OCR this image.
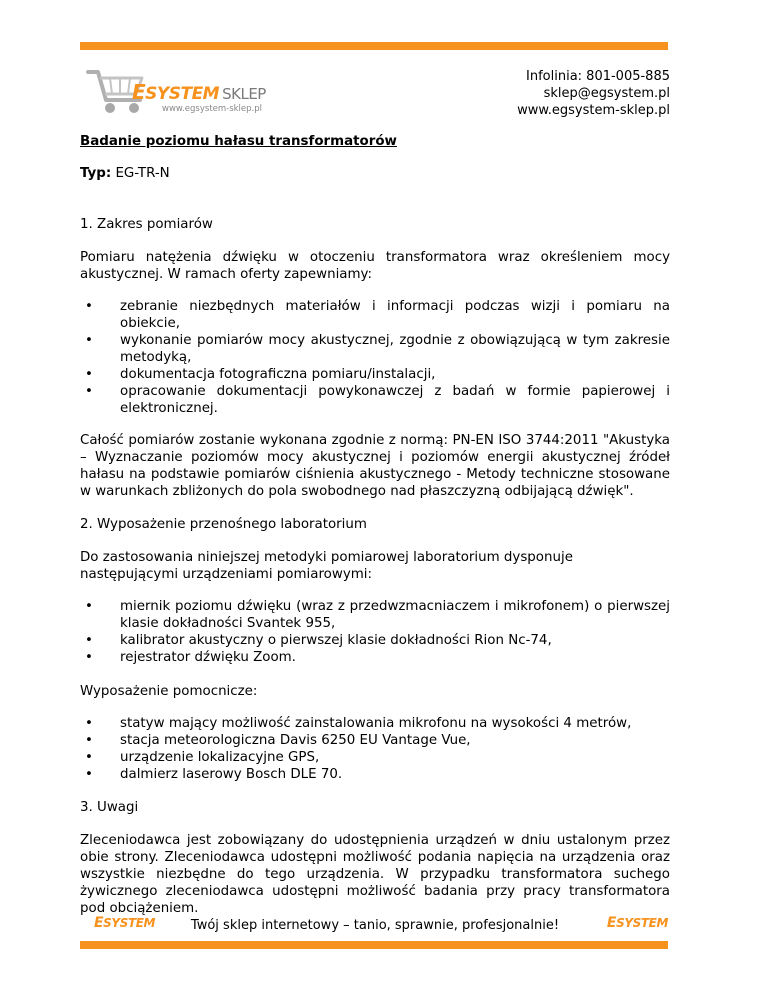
ESYSTEM SKLEP
www.egsystem-sklep.pl
Infolinia: 801-005-885
sklep@egsystem.pl
www.egsystem-sklep.pl
Badanie poziomu hałasu transformatorów
Typ: EG-TR-N
1. Zakres pomiarów

Pomiaru natężenia dźwięku w otoczeniu transformatora wraz określeniem mocy akustycznej. W ramach oferty zapewniamy:

• zebranie niezbędnych materiałów i informacji podczas wizji i pomiaru na obiekcie,
• wykonanie pomiarów mocy akustycznej, zgodnie z obowiązującą w tym zakresie metodyką,
• dokumentacja fotograficzna pomiaru/instalacji,
• opracowanie dokumentacji powykonawczej z badań w formie papierowej i elektronicznej.

Całość pomiarów zostanie wykonana zgodnie z normą: PN-EN ISO 3744:2011 "Akustyka – Wyznaczanie poziomów mocy akustycznej i poziomów energii akustycznej źródeł hałasu na podstawie pomiarów ciśnienia akustycznego - Metody techniczne stosowane w warunkach zbliżonych do pola swobodnego nad płaszczyzną odbijającą dźwięk".

2. Wyposażenie przenośnego laboratorium

Do zastosowania niniejszej metodyki pomiarowej laboratorium dysponuje następującymi urządzeniami pomiarowymi:

• miernik poziomu dźwięku (wraz z przedwzmacniaczem i mikrofonem) o pierwszej klasie dokładności Svantek 955,
• kalibrator akustyczny o pierwszej klasie dokładności Rion Nc-74,
• rejestrator dźwięku Zoom.
Wyposażenie pomocnicze:
• statyw mający możliwość zainstalowania mikrofonu na wysokości 4 metrów,
• stacja meteorologiczna Davis 6250 EU Vantage Vue,
• urządzenie lokalizacyjne GPS,
• dalmierz laserowy Bosch DLE 70.
3. Uwagi

Zleceniodawca jest zobowiązany do udostępnienia urządzeń w dniu ustalonym przez obie strony. Zleceniodawca udostępni możliwość podania napięcia na urządzenia oraz wszystkie niezbędne do tego urządzenia. W przypadku transformatora suchego żywicznego zleceniodawca udostępni możliwość badania przy pracy transformatora pod obciążeniem.

ESYSTEM	Twój sklep internetowy – tanio, sprawnie, profesjonalnie!	ESYSTEM
